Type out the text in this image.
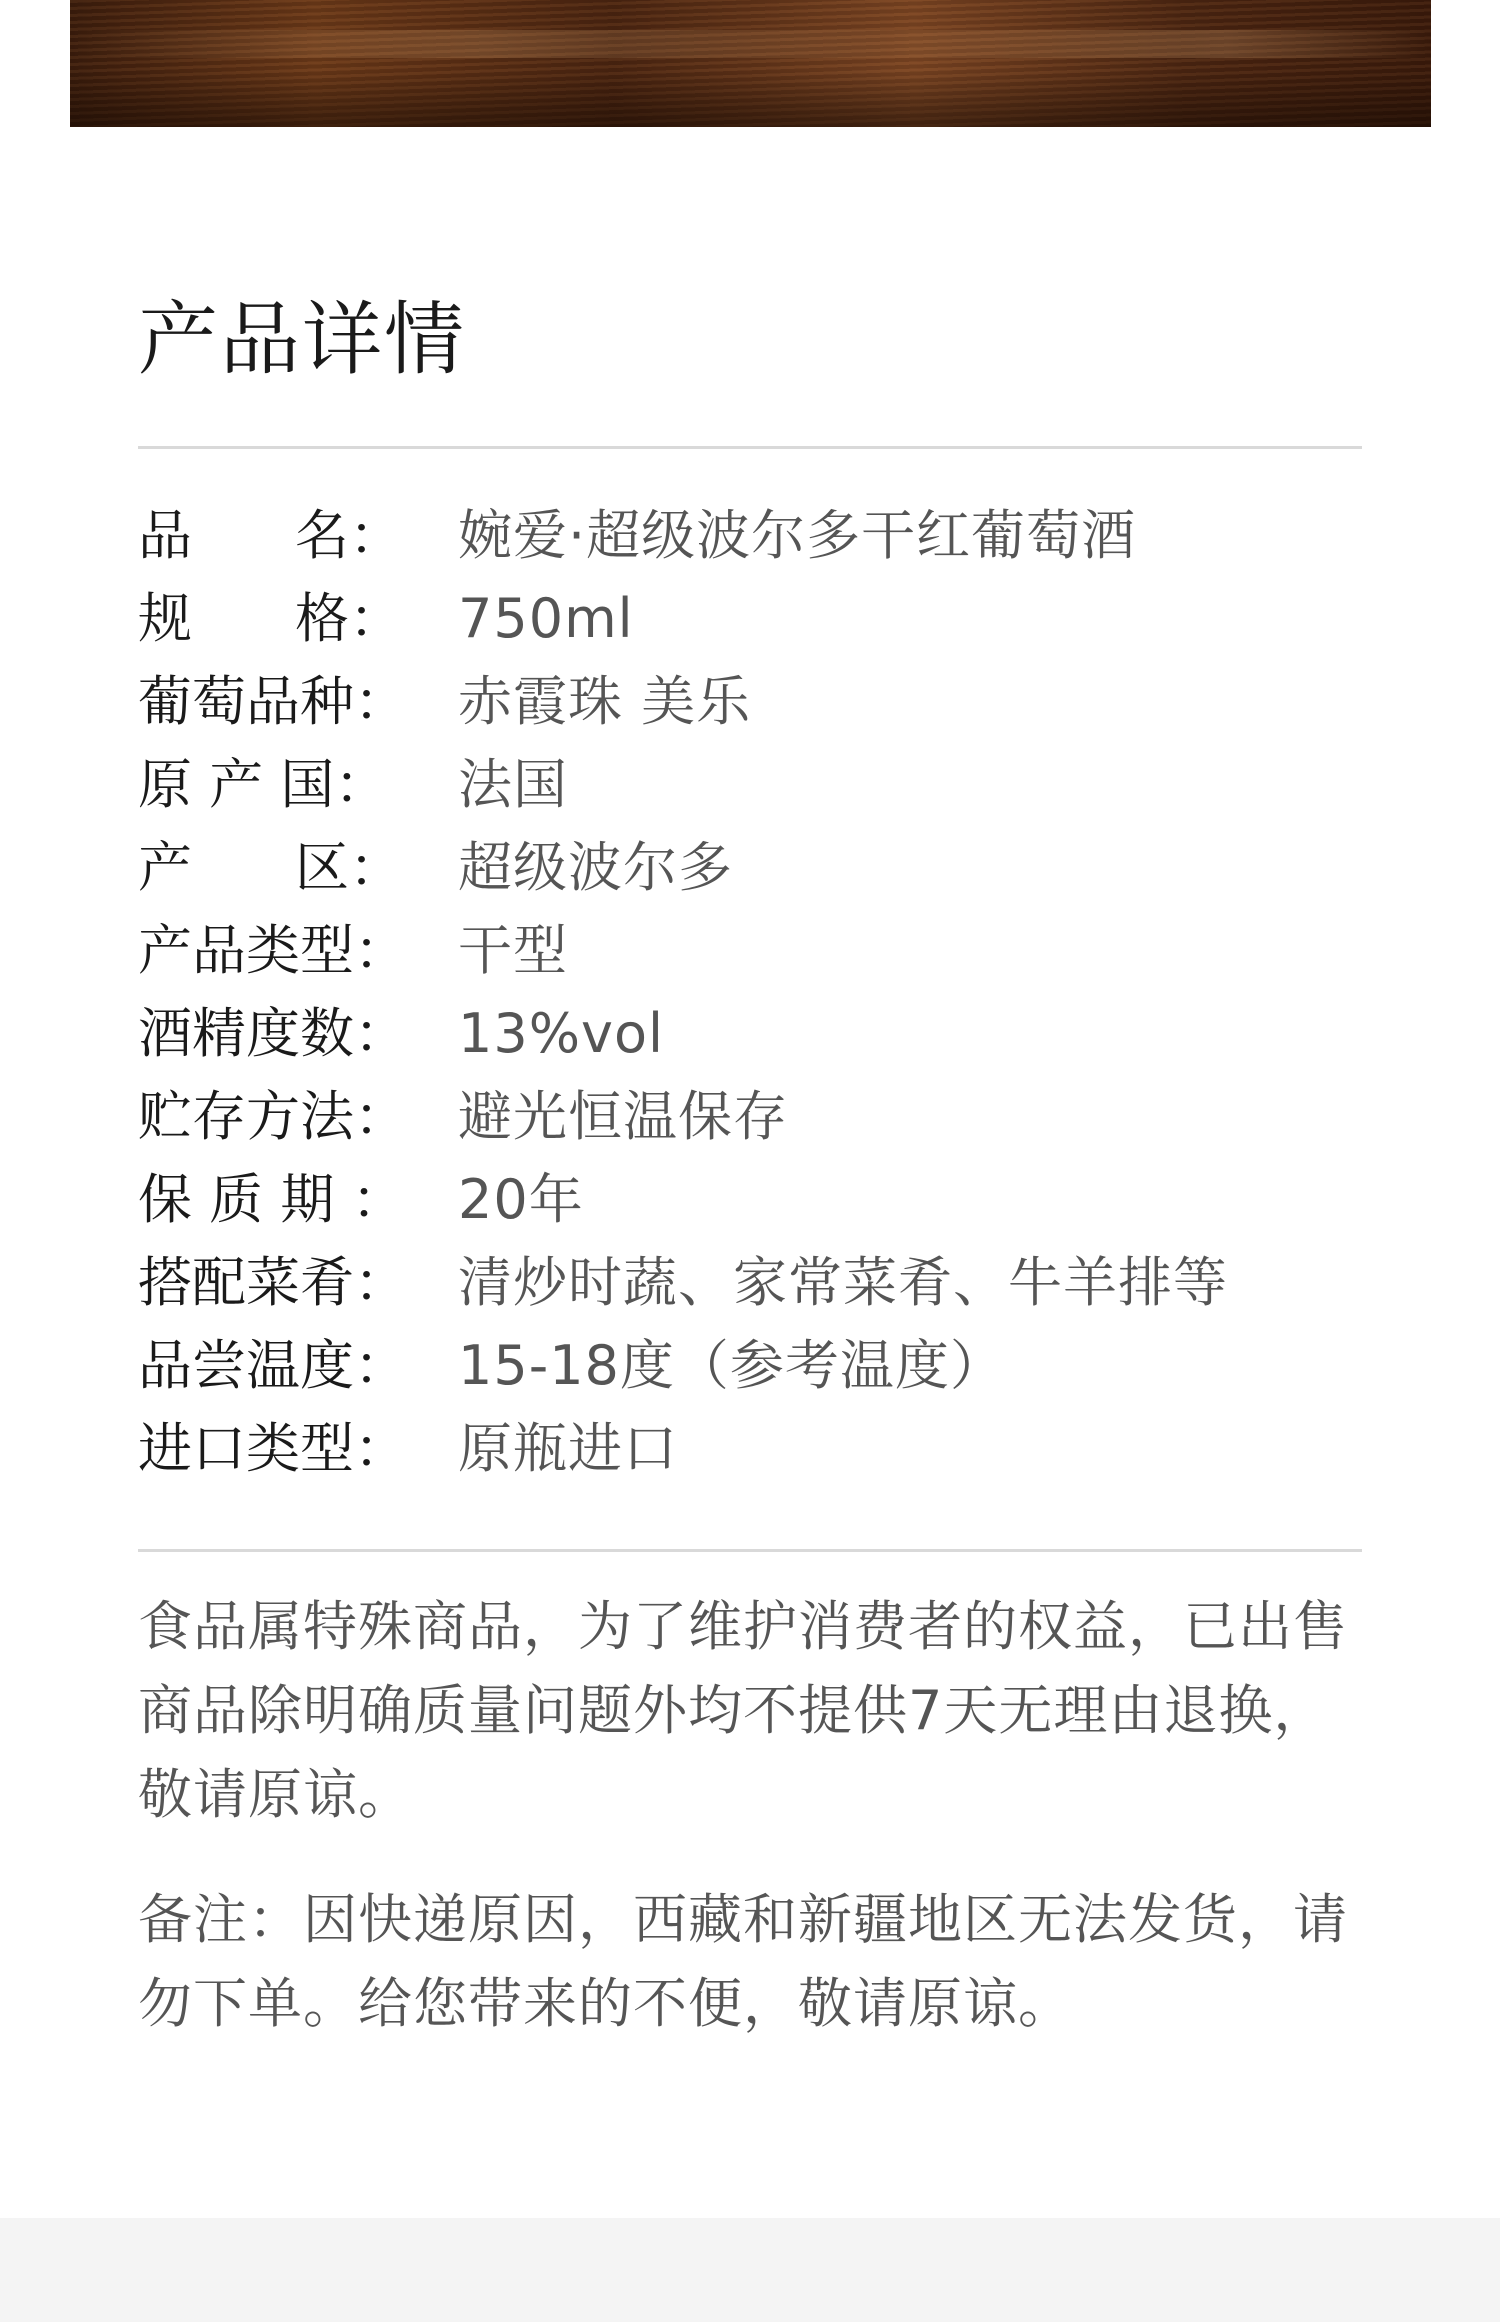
产品详情
品      名：	婉爱·超级波尔多干红葡萄酒
规      格：	750ml
葡萄品种： 赤霞珠 美乐
原 产 国：	法国
产      区：	超级波尔多
产品类型： 干型
酒精度数： 13%vol
贮存方法： 避光恒温保存
保 质 期 ： 20年
搭配菜肴： 清炒时蔬、家常菜肴、牛羊排等
品尝温度： 15-18度（参考温度）
进口类型： 原瓶进口

食品属特殊商品，为了维护消费者的权益，已出售商品除明确质量问题外均不提供7天无理由退换，敬请原谅。

备注：因快递原因，西藏和新疆地区无法发货，请勿下单。给您带来的不便，敬请原谅。
